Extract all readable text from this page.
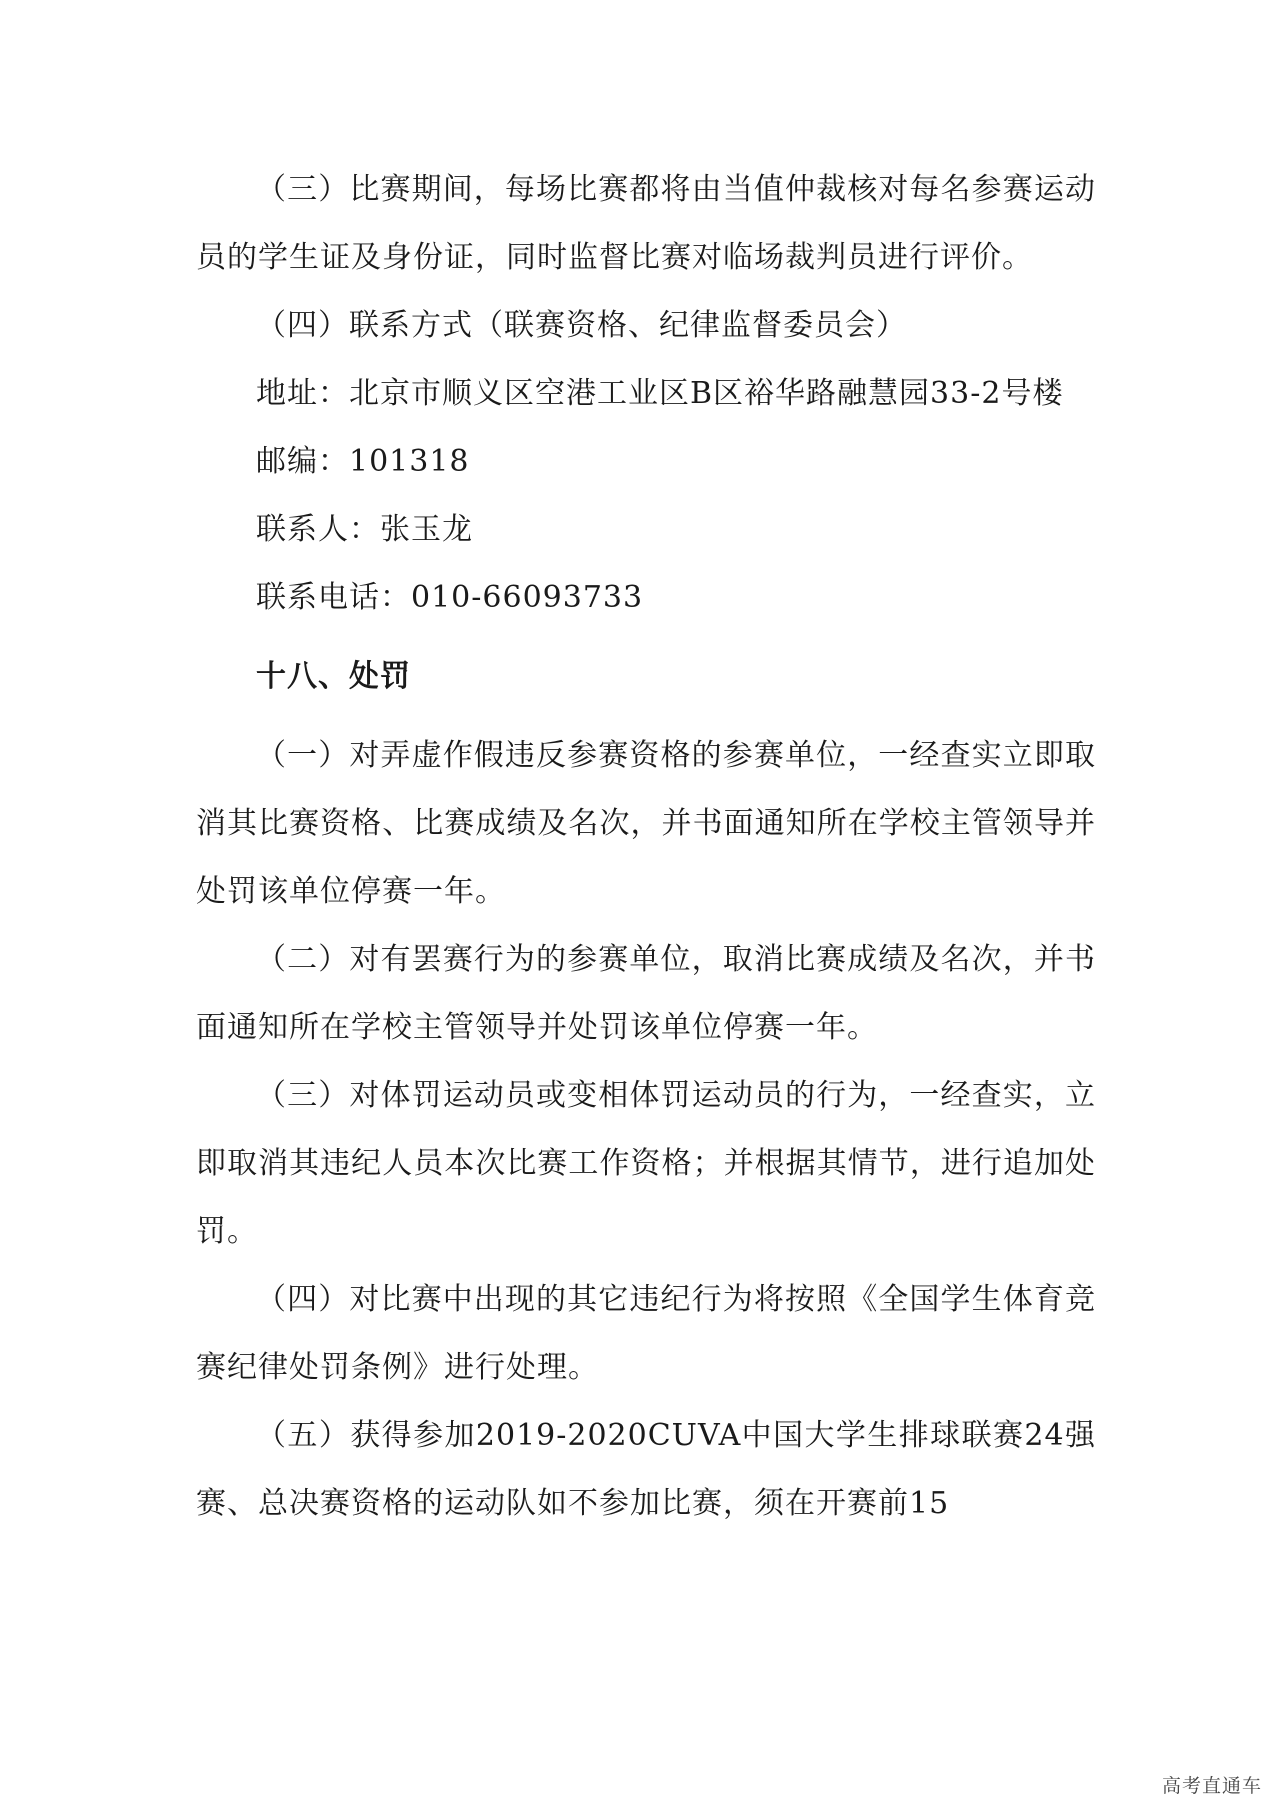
（三）比赛期间，每场比赛都将由当值仲裁核对每名参赛运动员的学生证及身份证，同时监督比赛对临场裁判员进行评价。

（四）联系方式（联赛资格、纪律监督委员会）

地址：北京市顺义区空港工业区B区裕华路融慧园33-2号楼

邮编：101318
联系人：张玉龙
联系电话：010-66093733
十八、处罚

（一）对弄虚作假违反参赛资格的参赛单位，一经查实立即取消其比赛资格、比赛成绩及名次，并书面通知所在学校主管领导并处罚该单位停赛一年。

（二）对有罢赛行为的参赛单位，取消比赛成绩及名次，并书面通知所在学校主管领导并处罚该单位停赛一年。

（三）对体罚运动员或变相体罚运动员的行为，一经查实，立即取消其违纪人员本次比赛工作资格；并根据其情节，进行追加处罚。

（四）对比赛中出现的其它违纪行为将按照《全国学生体育竞赛纪律处罚条例》进行处理。

（五）获得参加2019-2020CUVA中国大学生排球联赛24强赛、总决赛资格的运动队如不参加比赛，须在开赛前15

高考直通车
